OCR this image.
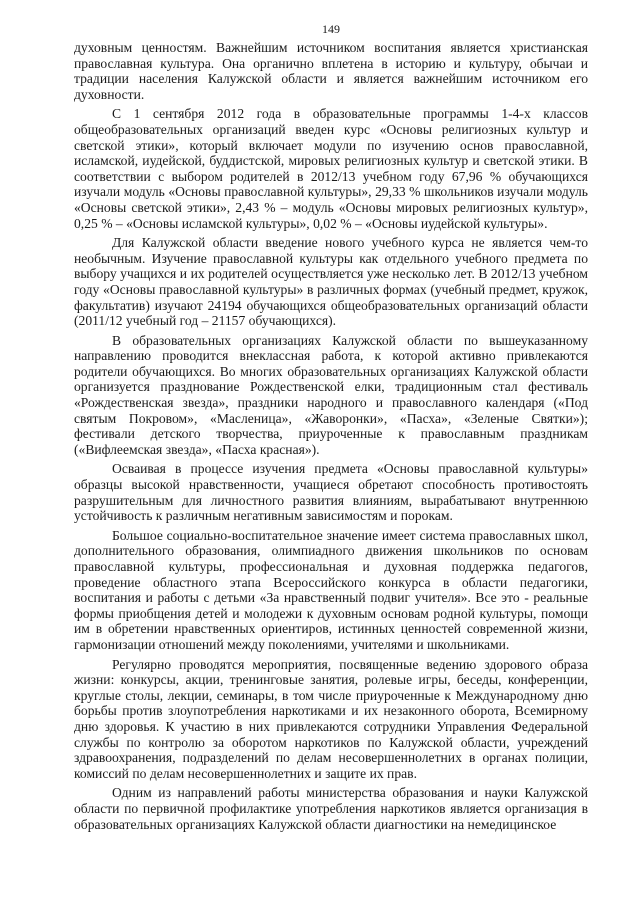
149

духовным ценностям. Важнейшим источником воспитания является христианская православная культура. Она органично вплетена в историю и культуру, обычаи и традиции населения Калужской области и является важнейшим источником его духовности.

С 1 сентября 2012 года в образовательные программы 1-4-х классов общеобразовательных организаций введен курс «Основы религиозных культур и светской этики», который включает модули по изучению основ православной, исламской, иудейской, буддистской, мировых религиозных культур и светской этики. В соответствии с выбором родителей в 2012/13 учебном году 67,96 % обучающихся изучали модуль «Основы православной культуры», 29,33 % школьников изучали модуль «Основы светской этики», 2,43 % – модуль «Основы мировых религиозных культур», 0,25 % – «Основы исламской культуры», 0,02 % – «Основы иудейской культуры».

Для Калужской области введение нового учебного курса не является чем-то необычным. Изучение православной культуры как отдельного учебного предмета по выбору учащихся и их родителей осуществляется уже несколько лет. В 2012/13 учебном году «Основы православной культуры» в различных формах (учебный предмет, кружок, факультатив) изучают 24194 обучающихся общеобразовательных организаций области (2011/12 учебный год – 21157 обучающихся).

В образовательных организациях Калужской области по вышеуказанному направлению проводится внеклассная работа, к которой активно привлекаются родители обучающихся. Во многих образовательных организациях Калужской области организуется празднование Рождественской елки, традиционным стал фестиваль «Рождественская звезда», праздники народного и православного календаря («Под святым Покровом», «Масленица», «Жаворонки», «Пасха», «Зеленые Святки»); фестивали детского творчества, приуроченные к православным праздникам («Вифлеемская звезда», «Пасха красная»).

Осваивая в процессе изучения предмета «Основы православной культуры» образцы высокой нравственности, учащиеся обретают способность противостоять разрушительным для личностного развития влияниям, вырабатывают внутреннюю устойчивость к различным негативным зависимостям и порокам.

Большое социально-воспитательное значение имеет система православных школ, дополнительного образования, олимпиадного движения школьников по основам православной культуры, профессиональная и духовная поддержка педагогов, проведение областного этапа Всероссийского конкурса в области педагогики, воспитания и работы с детьми «За нравственный подвиг учителя». Все это - реальные формы приобщения детей и молодежи к духовным основам родной культуры, помощи им в обретении нравственных ориентиров, истинных ценностей современной жизни, гармонизации отношений между поколениями, учителями и школьниками.

Регулярно проводятся мероприятия, посвященные ведению здорового образа жизни: конкурсы, акции, тренинговые занятия, ролевые игры, беседы, конференции, круглые столы, лекции, семинары, в том числе приуроченные к Международному дню борьбы против злоупотребления наркотиками и их незаконного оборота, Всемирному дню здоровья. К участию в них привлекаются сотрудники Управления Федеральной службы по контролю за оборотом наркотиков по Калужской области, учреждений здравоохранения, подразделений по делам несовершеннолетних в органах полиции, комиссий по делам несовершеннолетних и защите их прав.

Одним из направлений работы министерства образования и науки Калужской области по первичной профилактике употребления наркотиков является организация в образовательных организациях Калужской области диагностики на немедицинское
